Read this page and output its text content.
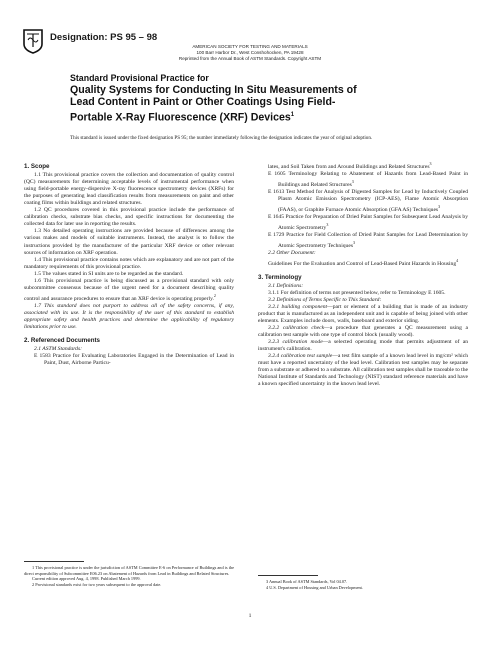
Designation: PS 95 – 98
AMERICAN SOCIETY FOR TESTING AND MATERIALS
100 Barr Harbor Dr., West Conshohocken, PA 19428
Reprinted from the Annual Book of ASTM Standards. Copyright ASTM
Standard Provisional Practice for
Quality Systems for Conducting In Situ Measurements of
Lead Content in Paint or Other Coatings Using Field-
Portable X-Ray Fluorescence (XRF) Devices$^1$
This standard is issued under the fixed designation PS 95; the number immediately following the designation indicates the year of original adoption.

1. Scope

1.1 This provisional practice covers the collection and documentation of quality control (QC) measurements for determining acceptable levels of instrumental performance when using field-portable energy-dispersive X-ray fluorescence spectrometry devices (XRFs) for the purposes of generating lead classification results from measurements on paint and other coating films within buildings and related structures.

1.2 QC procedures covered in this provisional practice include the performance of calibration checks, substrate bias checks, and specific instructions for documenting the collected data for later use in reporting the results.

1.3 No detailed operating instructions are provided because of differences among the various makes and models of suitable instruments. Instead, the analyst is to follow the instructions provided by the manufacturer of the particular XRF device or other relevant sources of information on XRF operation.

1.4 This provisional practice contains notes which are explanatory and are not part of the mandatory requirements of this provisional practice.

1.5 The values stated in SI units are to be regarded as the standard.

1.6 This provisional practice is being discussed as a provisional standard with only subcommittee consensus because of the urgent need for a document describing quality control and assurance procedures to ensure that an XRF device is operating properly.$^2$

1.7 This standard does not purport to address all of the safety concerns, if any, associated with its use. It is the responsibility of the user of this standard to establish appropriate safety and health practices and determine the applicability of regulatory limitations prior to use.

2. Referenced Documents

2.1 ASTM Standards:

E 1583 Practice for Evaluating Laboratories Engaged in the Determination of Lead in Paint, Dust, Airborne Particu-

lates, and Soil Taken from and Around Buildings and Related Structures$^3$

E 1605 Terminology Relating to Abatement of Hazards from Lead-Based Paint in Buildings and Related Structures$^3$

E 1613 Test Method for Analysis of Digested Samples for Lead by Inductively Coupled Plasm Atomic Emission Spectrometry (ICP-AES), Flame Atomic Absorption (FAAS), or Graphite Furnace Atomic Absorption (GFA AS) Techniques$^3$

E 1645 Practice for Preparation of Dried Paint Samples for Subsequent Lead Analysis by Atomic Spectrometry$^3$

E 1729 Practice for Field Collection of Dried Paint Samples for Lead Determination by Atomic Spectrometry Techniques$^3$

2.2 Other Document:

Guidelines For the Evaluation and Control of Lead-Based Paint Hazards in Housing$^4$

3. Terminology

3.1 Definitions:

3.1.1 For definition of terms not presented below, refer to Terminology E 1605.

3.2 Definitions of Terms Specific to This Standard:

3.2.1 building component—part or element of a building that is made of an industry product that is manufactured as an independent unit and is capable of being joined with other elements. Examples include doors, walls, baseboard and exterior siding.

3.2.2 calibration check—a procedure that generates a QC measurement using a calibration test sample with one type of control block (usually wood).

3.2.3 calibration mode—a selected operating mode that permits adjustment of an instrument's calibration.

3.2.4 calibration test sample—a test film sample of a known lead level in mg/cm² which must have a reported uncertainty of the lead level. Calibration test samples may be separate from a substrate or adhered to a substrate. All calibration test samples shall be traceable to the National Institute of Standards and Technology (NIST) standard reference materials and have a known specified uncertainty in the known lead level.

1 This provisional practice is under the jurisdiction of ASTM Committee E-6 on Performance of Buildings and is the direct responsibility of Subcommittee E06.23 on Abatement of Hazards from Lead in Buildings and Related Structures.

Current edition approved Aug. 4, 1998. Published March 1999.

2 Provisional standards exist for two years subsequent to the approval date.

3 Annual Book of ASTM Standards, Vol 04.07.

4 U.S. Department of Housing and Urban Development.

1
